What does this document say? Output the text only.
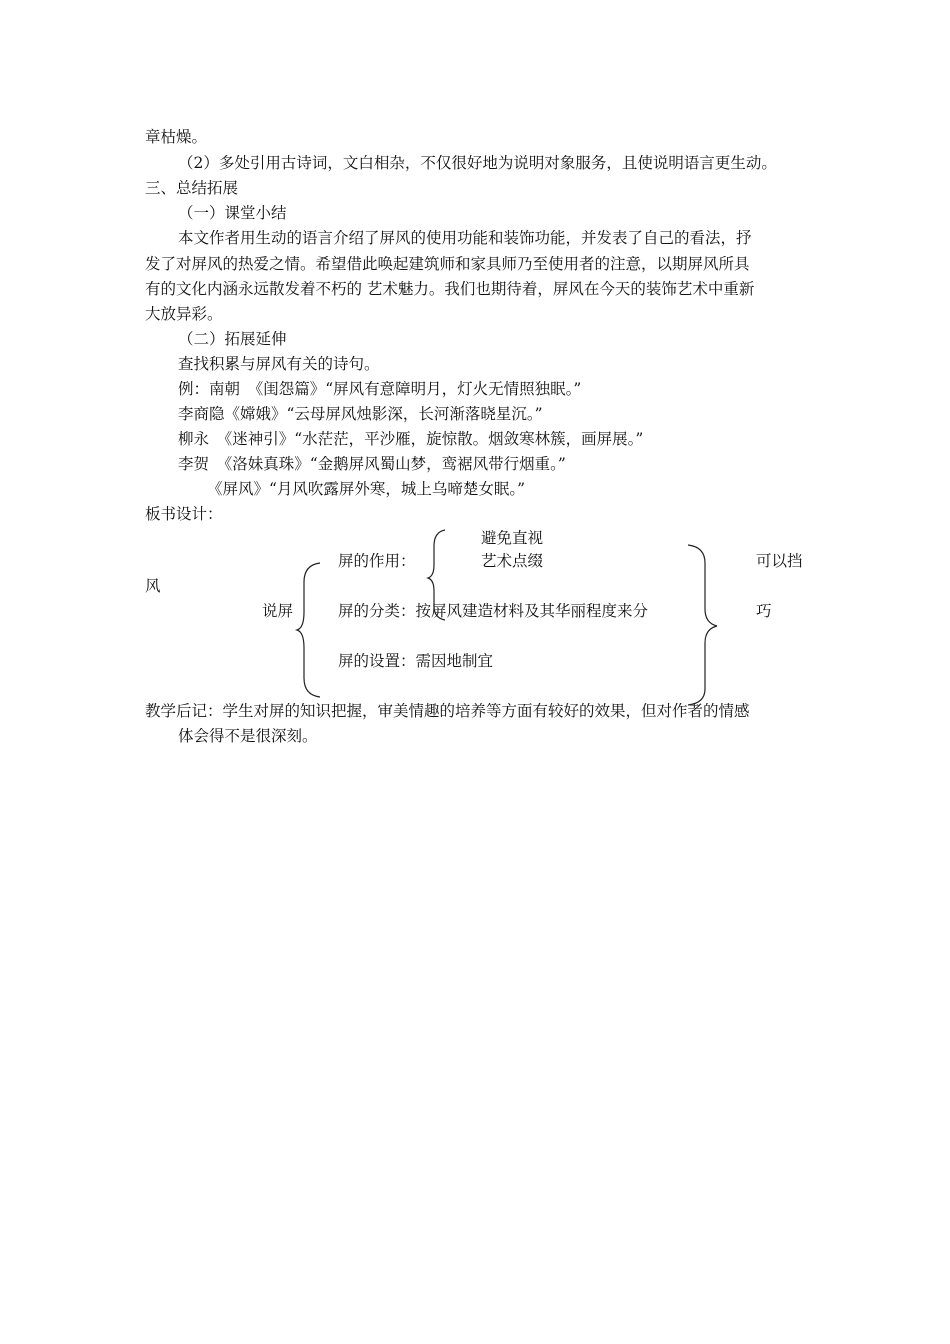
章枯燥。

（2）多处引用古诗词，文白相杂，不仅很好地为说明对象服务，且使说明语言更生动。

三、总结拓展
（一）课堂小结

本文作者用生动的语言介绍了屏风的使用功能和装饰功能，并发表了自己的看法，抒

发了对屏风的热爱之情。希望借此唤起建筑师和家具师乃至使用者的注意，以期屏风所具

有的文化内涵永远散发着不朽的 艺术魅力。我们也期待着，屏风在今天的装饰艺术中重新

大放异彩。

（二）拓展延伸

查找积累与屏风有关的诗句。

例：南朝　《闺怨篇》“屏风有意障明月，灯火无情照独眠。”

李商隐《嫦娥》“云母屏风烛影深，长河渐落晓星沉。”

柳永　《迷神引》“水茫茫，平沙雁，旋惊散。烟敛寒林簇，画屏展。”

李贺　《洛妹真珠》“金鹅屏风蜀山梦，鸾裾风带行烟重。”

《屏风》“月风吹露屏外寒，城上乌啼楚女眠。”

板书设计：
避免直视
屏的作用：	艺术点缀	可以挡
风
说屏	屏的分类：按屏风建造材料及其华丽程度来分	巧
屏的设置：需因地制宜

教学后记：学生对屏的知识把握，审美情趣的培养等方面有较好的效果，但对作者的情感

体会得不是很深刻。
